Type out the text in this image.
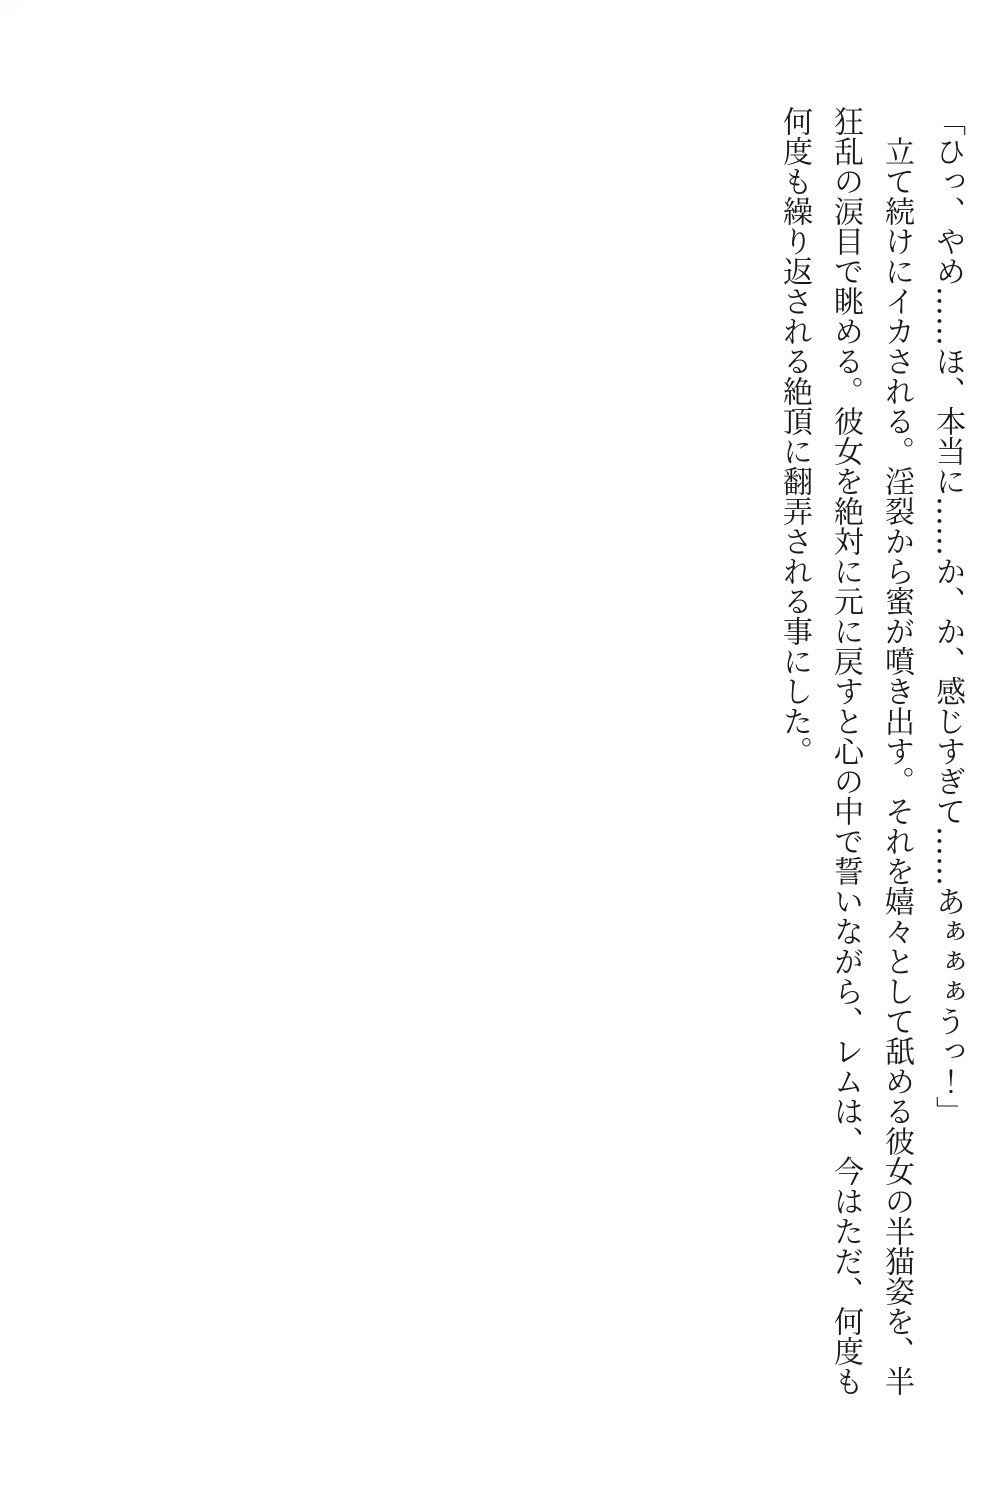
「ひっ、やめ……ほ、本当に……か、か、感じすぎて……あぁぁぁうっ！」

　立て続けにイカされる。淫裂から蜜が噴き出す。それを嬉々として舐める彼女の半猫姿を、半

狂乱の涙目で眺める。彼女を絶対に元に戻すと心の中で誓いながら、レムは、今はただ、何度も

何度も繰り返される絶頂に翻弄される事にした。
